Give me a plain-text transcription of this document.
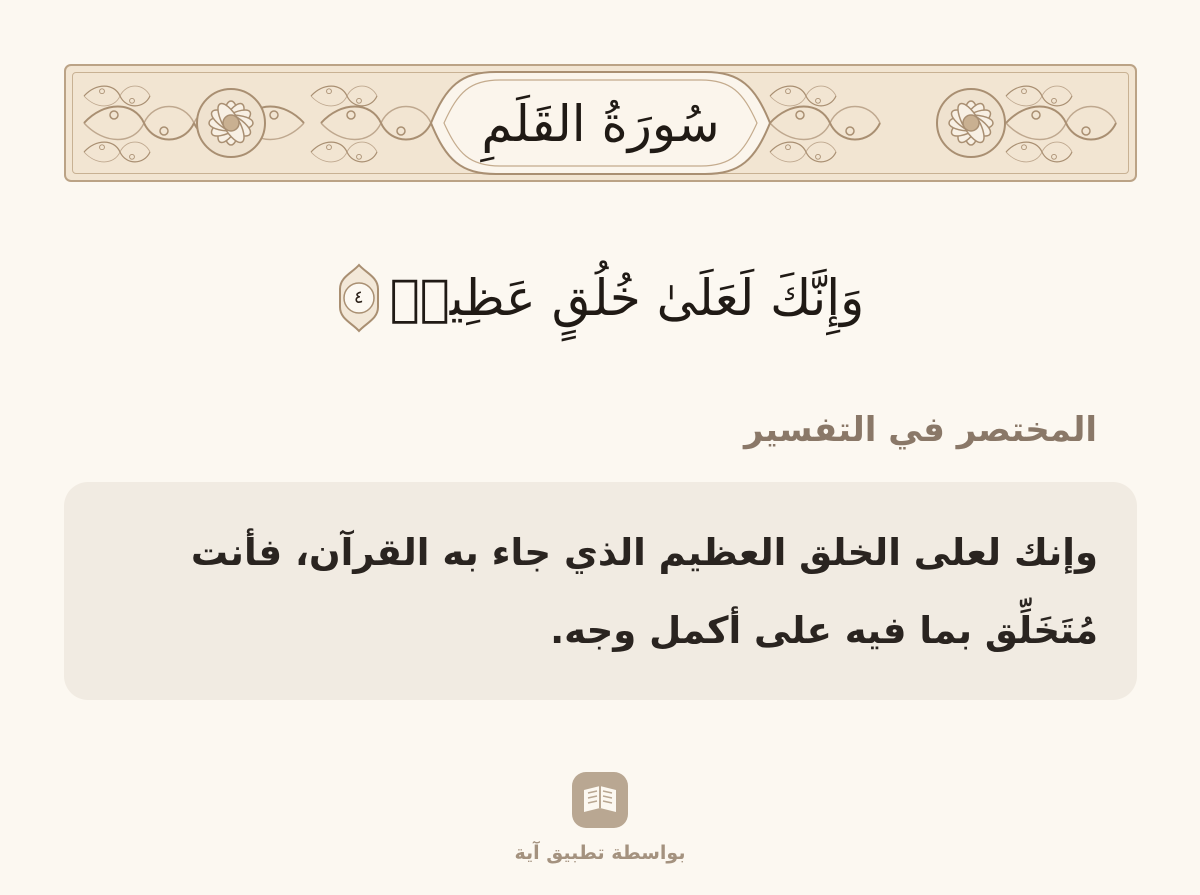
سُورَةُ القَلَمِ
وَإِنَّكَ لَعَلَىٰ خُلُقٍ عَظِيمٖ
٤
المختصر في التفسير
وإنك لعلى الخلق العظيم الذي جاء به القرآن، فأنت مُتَخَلِّق بما فيه على أكمل وجه.
بواسطة تطبيق آية
